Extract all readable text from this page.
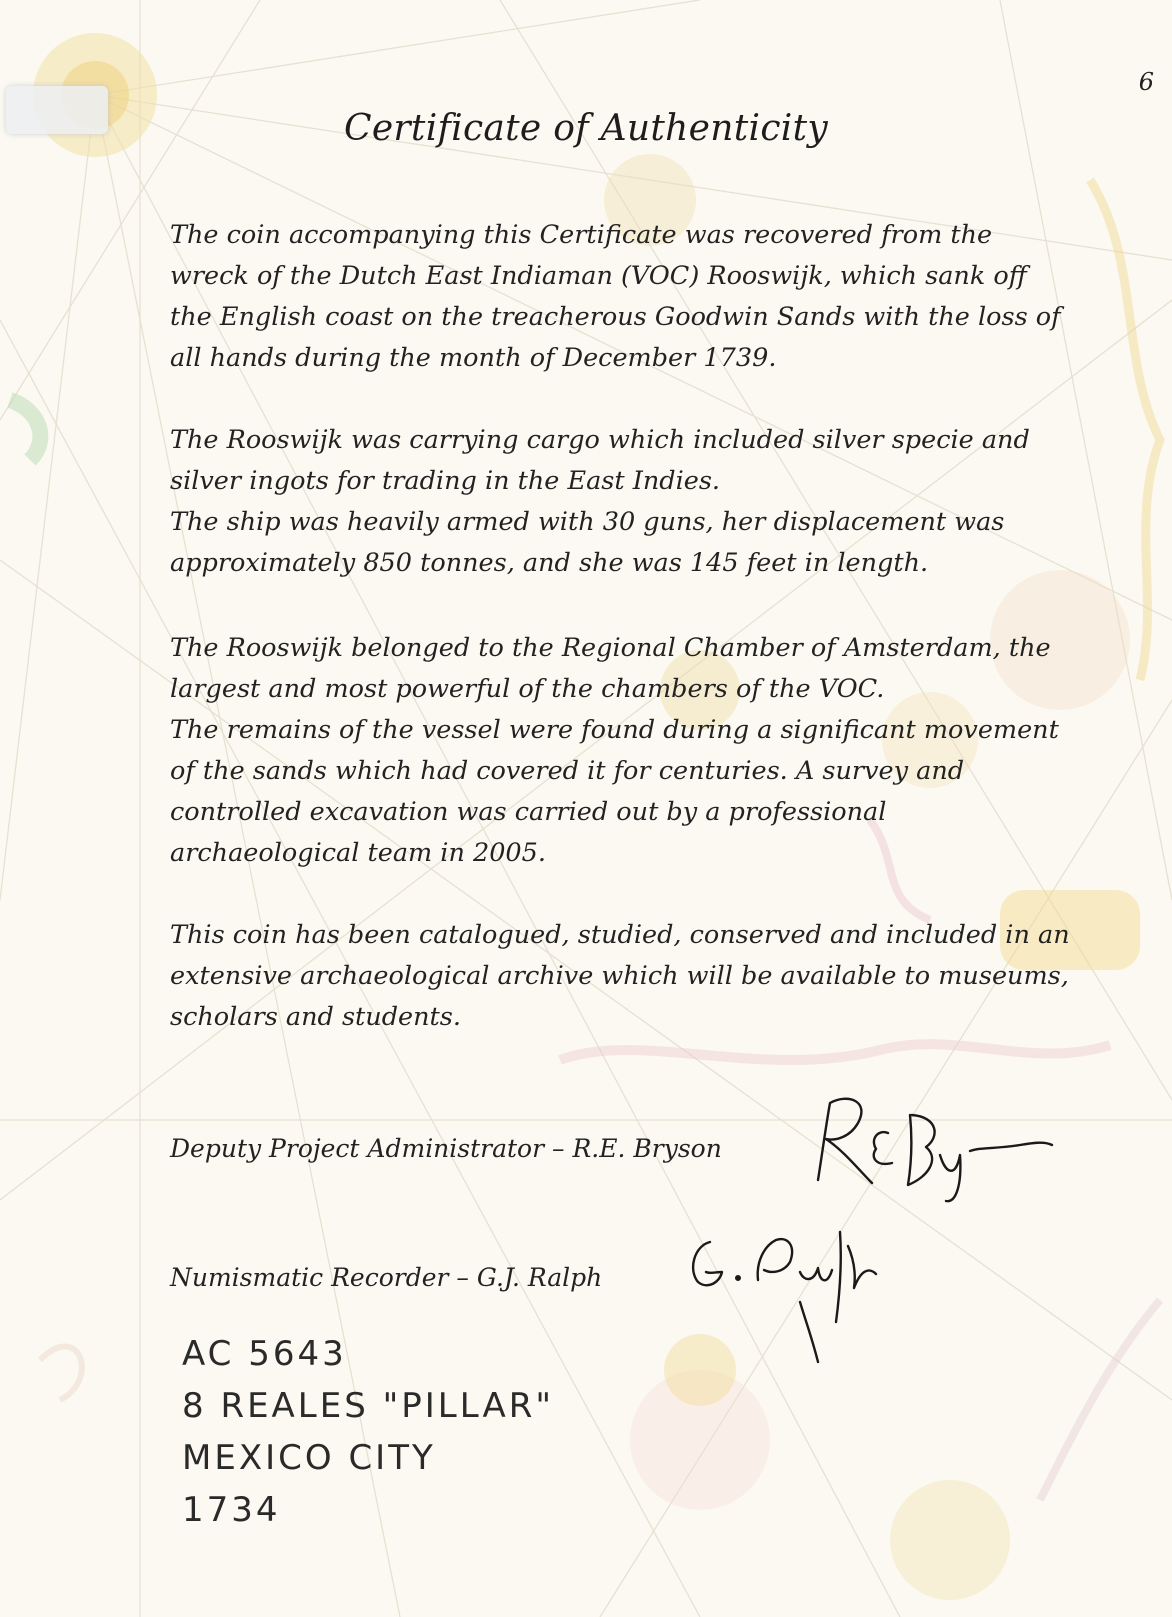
6
Certificate of Authenticity

The coin accompanying this Certificate was recovered from the wreck of the Dutch East Indiaman (VOC) Rooswijk, which sank off the English coast on the treacherous Goodwin Sands with the loss of all hands during the month of December 1739.

The Rooswijk was carrying cargo which included silver specie and silver ingots for trading in the East Indies.

The ship was heavily armed with 30 guns, her displacement was approximately 850 tonnes, and she was 145 feet in length.

The Rooswijk belonged to the Regional Chamber of Amsterdam, the largest and most powerful of the chambers of the VOC.

The remains of the vessel were found during a significant movement of the sands which had covered it for centuries. A survey and controlled excavation was carried out by a professional archaeological team in 2005.

This coin has been catalogued, studied, conserved and included in an extensive archaeological archive which will be available to museums, scholars and students.

Deputy Project Administrator – R.E. Bryson
Numismatic Recorder – G.J. Ralph
AC 5643
8 REALES "PILLAR"
MEXICO CITY
1734
